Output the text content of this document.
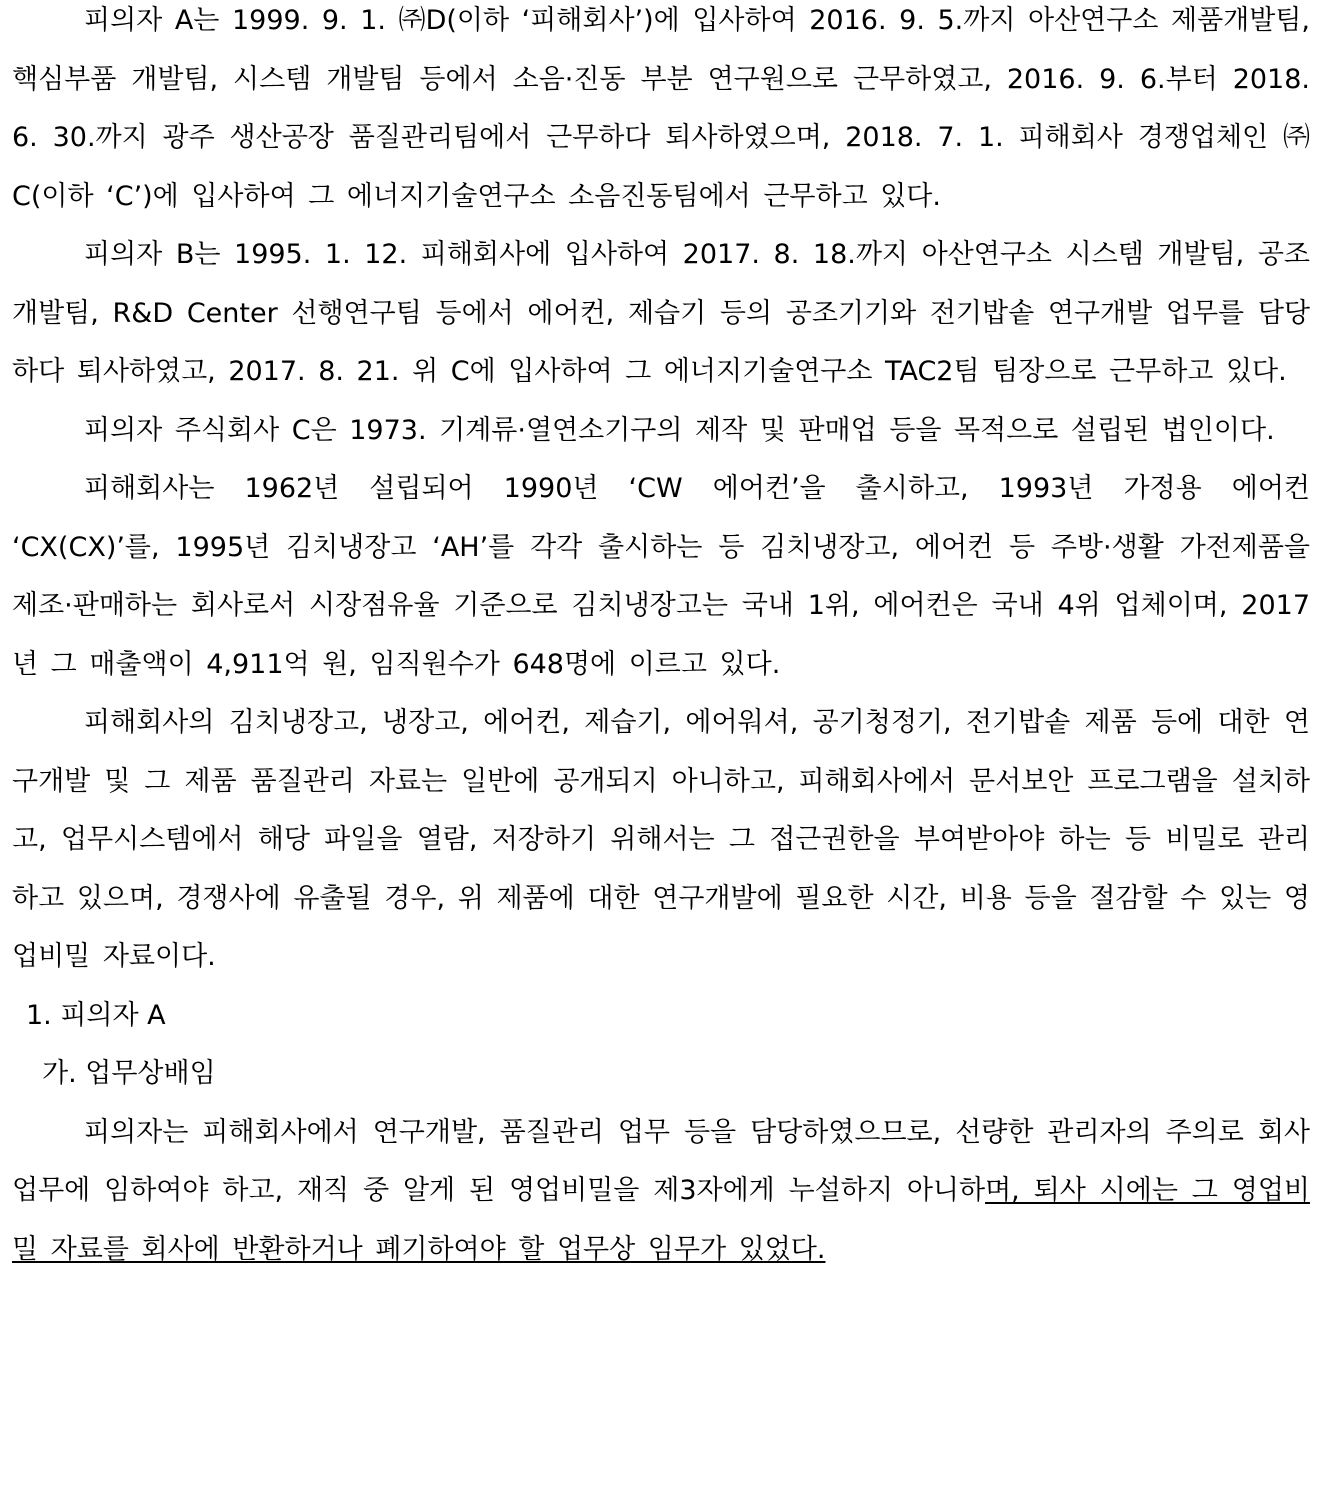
피의자 A는 1999. 9. 1. ㈜D(이하 ‘피해회사’)에 입사하여 2016. 9. 5.까지 아산연구소 제품개발팀, 핵심부품 개발팀, 시스템 개발팀 등에서 소음·진동 부분 연구원으로 근무하였고, 2016. 9. 6.부터 2018. 6. 30.까지 광주 생산공장 품질관리팀에서 근무하다 퇴사하였으며, 2018. 7. 1. 피해회사 경쟁업체인 ㈜C(이하 ‘C’)에 입사하여 그 에너지기술연구소 소음진동팀에서 근무하고 있다.

피의자 B는 1995. 1. 12. 피해회사에 입사하여 2017. 8. 18.까지 아산연구소 시스템 개발팀, 공조개발팀, R&D Center 선행연구팀 등에서 에어컨, 제습기 등의 공조기기와 전기밥솥 연구개발 업무를 담당하다 퇴사하였고, 2017. 8. 21. 위 C에 입사하여 그 에너지기술연구소 TAC2팀 팀장으로 근무하고 있다.

피의자 주식회사 C은 1973. 기계류·열연소기구의 제작 및 판매업 등을 목적으로 설립된 법인이다.

피해회사는 1962년 설립되어 1990년 ‘CW 에어컨’을 출시하고, 1993년 가정용 에어컨 ‘CX(CX)’를, 1995년 김치냉장고 ‘AH’를 각각 출시하는 등 김치냉장고, 에어컨 등 주방·생활 가전제품을 제조·판매하는 회사로서 시장점유율 기준으로 김치냉장고는 국내 1위, 에어컨은 국내 4위 업체이며, 2017년 그 매출액이 4,911억 원, 임직원수가 648명에 이르고 있다.

피해회사의 김치냉장고, 냉장고, 에어컨, 제습기, 에어워셔, 공기청정기, 전기밥솥 제품 등에 대한 연구개발 및 그 제품 품질관리 자료는 일반에 공개되지 아니하고, 피해회사에서 문서보안 프로그램을 설치하고, 업무시스템에서 해당 파일을 열람, 저장하기 위해서는 그 접근권한을 부여받아야 하는 등 비밀로 관리하고 있으며, 경쟁사에 유출될 경우, 위 제품에 대한 연구개발에 필요한 시간, 비용 등을 절감할 수 있는 영업비밀 자료이다.

1. 피의자 A

가. 업무상배임

피의자는 피해회사에서 연구개발, 품질관리 업무 등을 담당하였으므로, 선량한 관리자의 주의로 회사 업무에 임하여야 하고, 재직 중 알게 된 영업비밀을 제3자에게 누설하지 아니하며, 퇴사 시에는 그 영업비밀 자료를 회사에 반환하거나 폐기하여야 할 업무상 임무가 있었다.
